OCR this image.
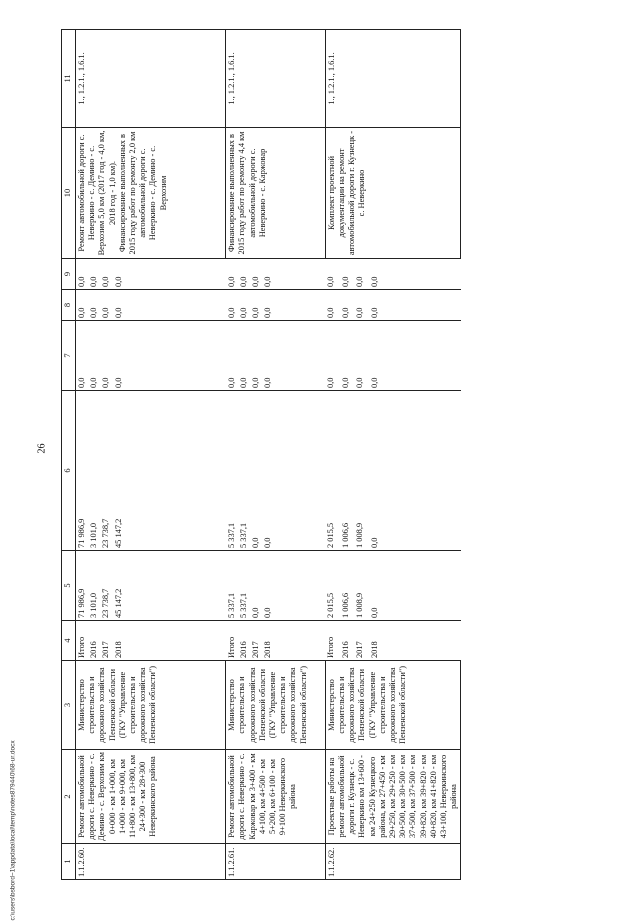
26
1	2	3	4	5	6	7	8	9	10	11
1.1.2.60.	Ремонт автомобильной дороги с. Неверкино - с. Демино - с. Верхозим км 0+000 - км 1+000, км 1+000 - км 9+000, км 11+800 - км 13+800, км 24+300 - км 28+300 Неверкинского района	Министерство строительства и дорожного хозяйства Пензенской области (ГКУ "Управление строительства и дорожного хозяйства Пензенской области")	Итого	71 986,9	71 986,9	0,0	0,0	0,0	Ремонт автомобильной дороги с. Неверкино - с. Демино - с. Верхозим 5,0 км (2017 год - 4,0 км, 2018 год - 1,0 км). Финансирование выполненных в 2015 году работ по ремонту 2,0 км автомобильной дороги с. Неверкино - с. Демино - с. Верхозим	1., 1.2.1., 1.6.1.
			2016	3 101,0	3 101,0	0,0	0,0	0,0		
			2017	23 738,7	23 738,7	0,0	0,0	0,0		
			2018	45 147,2	45 147,2	0,0	0,0	0,0		
1.1.2.61.	Ремонт автомобильной дороги с. Неверкино - с. Каржовар км 3+400 - км 4+100, км 4+500 - км 5+200, км 6+100 - км 9+100 Неверкинского района	Министерство строительства и дорожного хозяйства Пензенской области (ГКУ "Управление строительства и дорожного хозяйства Пензенской области")	Итого	5 337,1	5 337,1	0,0	0,0	0,0	Финансирование выполненных в 2015 году работ по ремонту 4,4 км автомобильной дороги с. Неверкино - с. Каржовар	1., 1.2.1., 1.6.1.
			2016	5 337,1	5 337,1	0,0	0,0	0,0		
			2017	0,0	0,0	0,0	0,0	0,0		
			2018	0,0	0,0	0,0	0,0	0,0		
1.1.2.62.	Проектные работы на ремонт автомобильной дороги г. Кузнецк - с. Неверкино км 13+600 - км 24+250 Кузнецкого района, км 27+450 - км 29+250, км 29+250 - км 30+500, км 30+500 - км 37+500, км 37+500 - км 39+820, км 39+820 - км 40+820, км 41+820 - км 43+100, Неверкинского района	Министерство строительства и дорожного хозяйства Пензенской области (ГКУ "Управление строительства и дорожного хозяйства Пензенской области")	Итого	2 015,5	2 015,5	0,0	0,0	0,0	Комплект проектной документации на ремонт автомобильной дороги г. Кузнецк - с. Неверкино	1., 1.2.1., 1.6.1.
			2016	1 006,6	1 006,6	0,0	0,0	0,0		
			2017	1 008,9	1 008,9	0,0	0,0	0,0		
			2018	0,0	0,0	0,0	0,0	0,0		
c:\users\bsbord~1\appdata\local\temp\notes879440\68-ur.docx
